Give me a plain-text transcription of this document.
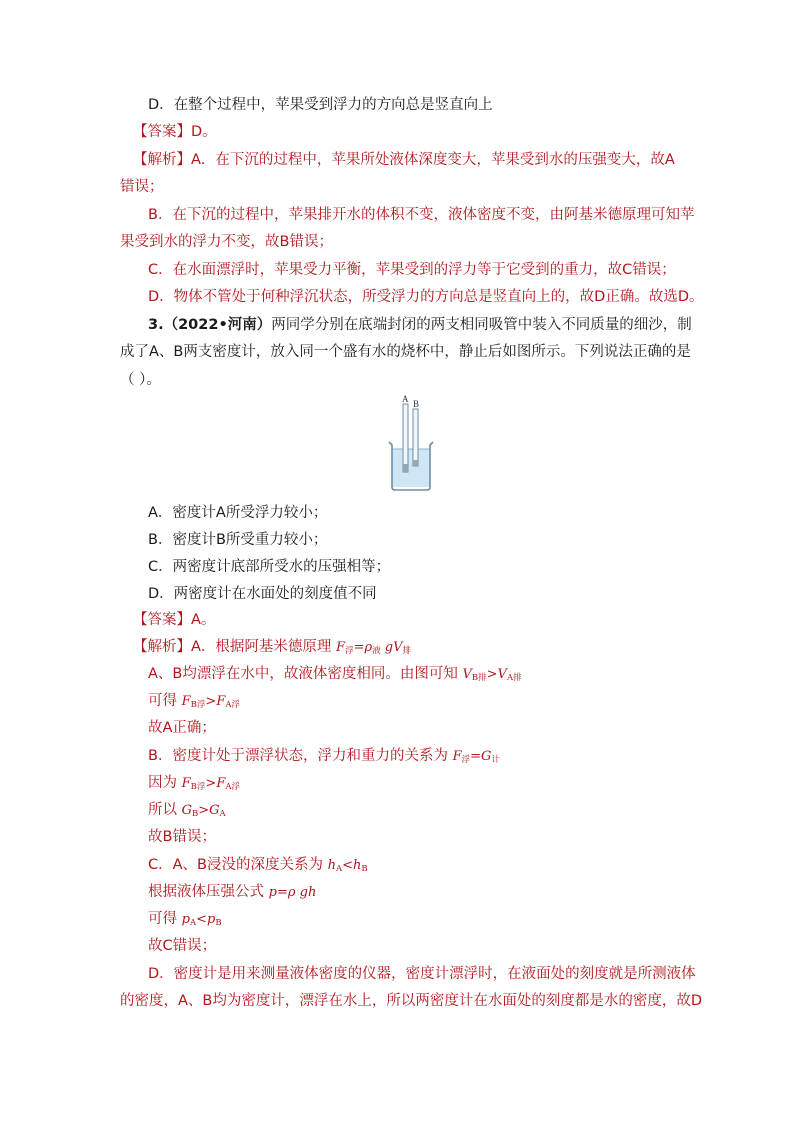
D．在整个过程中，苹果受到浮力的方向总是竖直向上
【答案】D。
【解析】A．在下沉的过程中，苹果所处液体深度变大，苹果受到水的压强变大，故A
错误；
B．在下沉的过程中，苹果排开水的体积不变，液体密度不变，由阿基米德原理可知苹
果受到水的浮力不变，故B错误；
C．在水面漂浮时，苹果受力平衡，苹果受到的浮力等于它受到的重力，故C错误；
D．物体不管处于何种浮沉状态，所受浮力的方向总是竖直向上的，故D正确。故选D。
3.（2022•河南）两同学分别在底端封闭的两支相同吸管中装入不同质量的细沙，制
成了A、B两支密度计，放入同一个盛有水的烧杯中，静止后如图所示。下列说法正确的是
（ ）。
A B
A．密度计A所受浮力较小；
B．密度计B所受重力较小；
C．两密度计底部所受水的压强相等；
D．两密度计在水面处的刻度值不同
【答案】A。
【解析】A．根据阿基米德原理 $F_浮=\rho_液$ $gV_排$
A、B均漂浮在水中，故液体密度相同。由图可知 $V_{B排}>V_{A排}$
可得 $F_{B浮}>F_{A浮}$
故A正确；
B．密度计处于漂浮状态，浮力和重力的关系为 $F_浮=G_计$
因为 $F_{B浮}>F_{A浮}$
所以 $G_B>G_A$
故B错误；
C．A、B浸没的深度关系为 $h_A<h_B$
根据液体压强公式 p=ρ gh
可得 $p_A<p_B$
故C错误；
D．密度计是用来测量液体密度的仪器，密度计漂浮时，在液面处的刻度就是所测液体
的密度，A、B均为密度计，漂浮在水上，所以两密度计在水面处的刻度都是水的密度，故D
